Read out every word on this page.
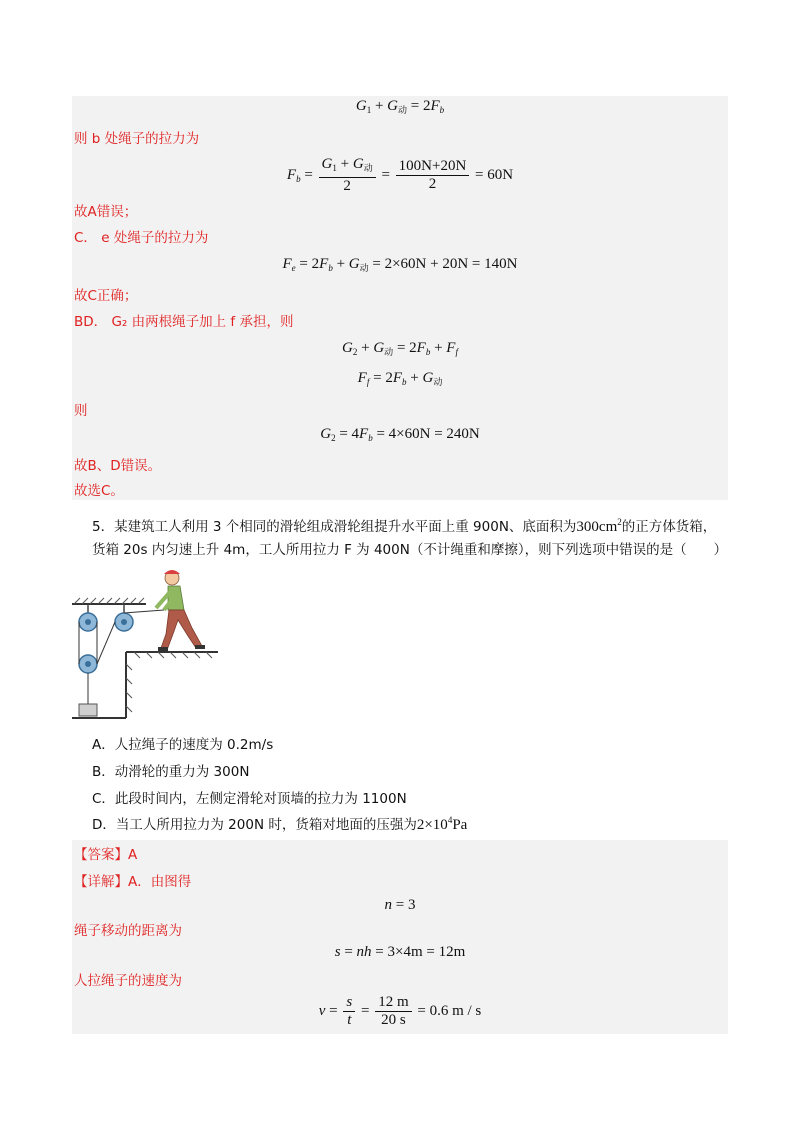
$G_1 + G_动 = 2F_b$
则 b 处绳子的拉力为
$F_b = \frac{G_1 + G_动}{2} = \frac{100N+20N}{2} = 60N$
故A错误；
C． e 处绳子的拉力为
$F_e = 2F_b + G_动 = 2\times 60N + 20N = 140N$
故C正确；
BD． G₂ 由两根绳子加上 f 承担，则
$G_2 + G_动 = 2F_b + F_f$
$F_f = 2F_b + G_动$
则
$G_2 = 4F_b = 4\times 60N = 240N$
故B、D错误。
故选C。
5．某建筑工人利用 3 个相同的滑轮组成滑轮组提升水平面上重 900N、底面积为$300cm^2$的正方体货箱，
货箱 20s 内匀速上升 4m，工人所用拉力 F 为 400N（不计绳重和摩擦），则下列选项中错误的是（　　）
A．人拉绳子的速度为 0.2m/s
B．动滑轮的重力为 300N
C．此段时间内，左侧定滑轮对顶墙的拉力为 1100N
D．当工人所用拉力为 200N 时，货箱对地面的压强为$2\times 10^4Pa$
【答案】A
【详解】A．由图得
n = 3
绳子移动的距离为
s = nh = 3×4m = 12m
人拉绳子的速度为
$v = \frac{s}{t} = \frac{12 m}{20 s} = 0.6$ m / s
